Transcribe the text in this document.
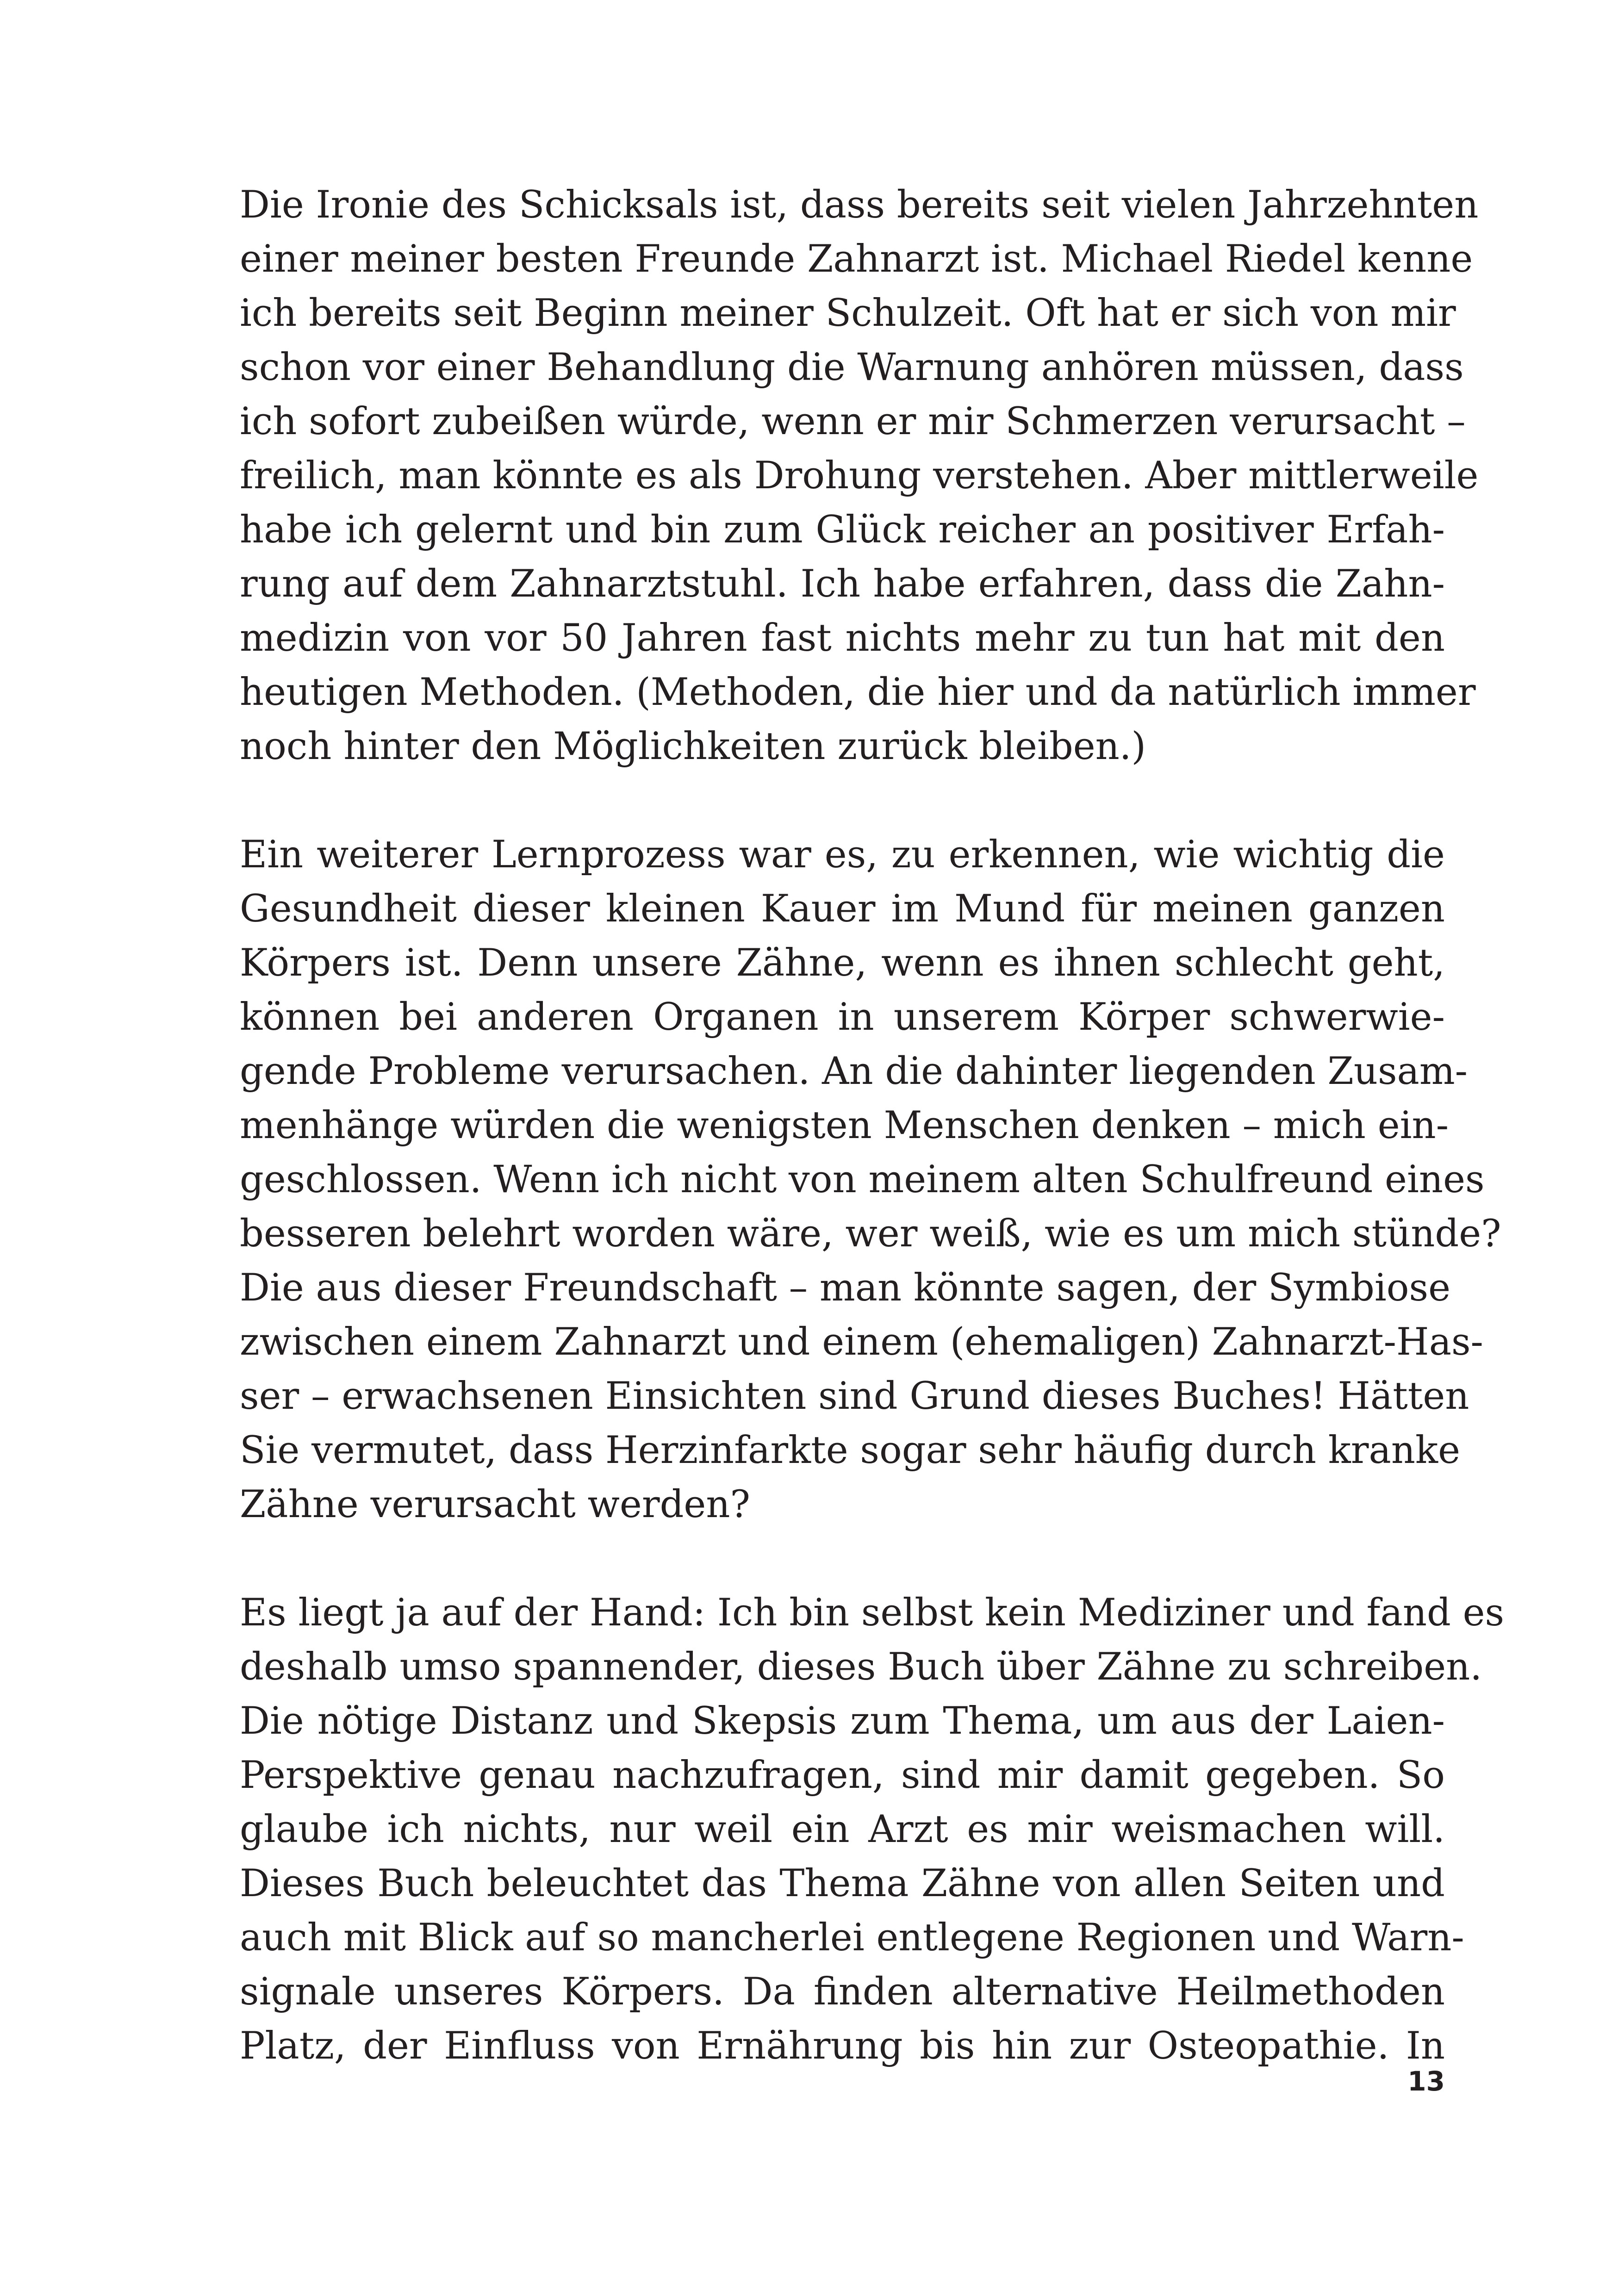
Die Ironie des Schicksals ist, dass bereits seit vielen Jahrzehnten
einer meiner besten Freunde Zahnarzt ist. Michael Riedel kenne
ich bereits seit Beginn meiner Schulzeit. Oft hat er sich von mir
schon vor einer Behandlung die Warnung anhören müssen, dass
ich sofort zubeißen würde, wenn er mir Schmerzen verursacht –
freilich, man könnte es als Drohung verstehen. Aber mittlerweile
habe ich gelernt und bin zum Glück reicher an positiver Erfah-
rung auf dem Zahnarztstuhl. Ich habe erfahren, dass die Zahn-
medizin von vor 50 Jahren fast nichts mehr zu tun hat mit den
heutigen Methoden. (Methoden, die hier und da natürlich immer
noch hinter den Möglichkeiten zurück bleiben.)

Ein weiterer Lernprozess war es, zu erkennen, wie wichtig die
Gesundheit dieser kleinen Kauer im Mund für meinen ganzen
Körpers ist. Denn unsere Zähne, wenn es ihnen schlecht geht,
können bei anderen Organen in unserem Körper schwerwie-
gende Probleme verursachen. An die dahinter liegenden Zusam-
menhänge würden die wenigsten Menschen denken – mich ein-
geschlossen. Wenn ich nicht von meinem alten Schulfreund eines
besseren belehrt worden wäre, wer weiß, wie es um mich stünde?
Die aus dieser Freundschaft – man könnte sagen, der Symbiose
zwischen einem Zahnarzt und einem (ehemaligen) Zahnarzt-Has-
ser – erwachsenen Einsichten sind Grund dieses Buches! Hätten
Sie vermutet, dass Herzinfarkte sogar sehr häufig durch kranke
Zähne verursacht werden?

Es liegt ja auf der Hand: Ich bin selbst kein Mediziner und fand es
deshalb umso spannender, dieses Buch über Zähne zu schreiben.
Die nötige Distanz und Skepsis zum Thema, um aus der Laien-
Perspektive genau nachzufragen, sind mir damit gegeben. So
glaube ich nichts, nur weil ein Arzt es mir weismachen will.
Dieses Buch beleuchtet das Thema Zähne von allen Seiten und
auch mit Blick auf so mancherlei entlegene Regionen und Warn-
signale unseres Körpers. Da finden alternative Heilmethoden
Platz, der Einfluss von Ernährung bis hin zur Osteopathie. In

13
